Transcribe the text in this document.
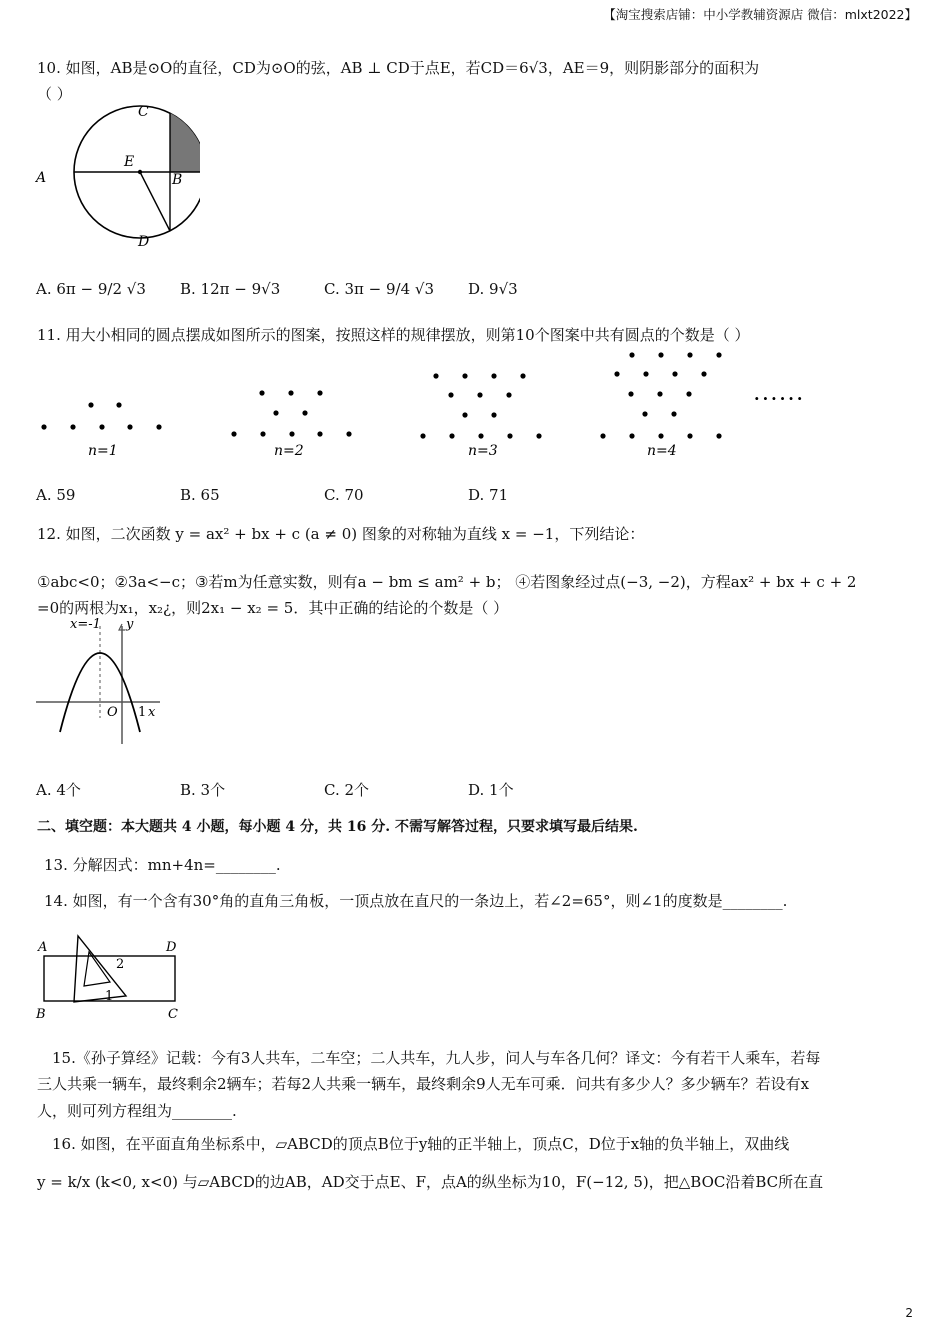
【淘宝搜索店铺：中小学教辅资源店 微信：mlxt2022】
10. 如图，AB是⊙O的直径，CD为⊙O的弦，AB ⊥ CD于点E，若CD＝6√3，AE＝9，则阴影部分的面积为
（ ）
A	B
C
D
E
A. 6π − 9/2 √3 B. 12π − 9√3	C. 3π − 9/4 √3 D. 9√3
11. 用大小相同的圆点摆成如图所示的图案，按照这样的规律摆放，则第10个图案中共有圆点的个数是（ ）
n=1	n=2	n=3	n=4
......
A. 59	B. 65	C. 70	D. 71
12. 如图，二次函数 y = ax² + bx + c (a ≠ 0) 图象的对称轴为直线 x = −1，下列结论：
①abc<0；②3a<−c；③若m为任意实数，则有a − bm ≤ am² + b； ④若图象经过点(−3, −2)，方程ax² + bx + c + 2
=0的两根为x₁，x₂¿，则2x₁ − x₂ = 5．其中正确的结论的个数是（ ）
x=-1 y
O 1 x
A. 4个	B. 3个	C. 2个	D. 1个
二、填空题：本大题共 4 小题，每小题 4 分，共 16 分. 不需写解答过程，只要求填写最后结果.
13. 分解因式：mn+4n=________.
14. 如图，有一个含有30°角的直角三角板，一顶点放在直尺的一条边上，若∠2=65°，则∠1的度数是________.
A	D
B	C
1
2
15.《孙子算经》记载：今有3人共车，二车空；二人共车，九人步，问人与车各几何？译文：今有若干人乘车，若每
三人共乘一辆车，最终剩余2辆车；若每2人共乘一辆车，最终剩余9人无车可乘．问共有多少人？多少辆车？若设有x
人，则可列方程组为________.
16. 如图，在平面直角坐标系中，▱ABCD的顶点B位于y轴的正半轴上，顶点C，D位于x轴的负半轴上，双曲线
y = k/x (k<0, x<0) 与▱ABCD的边AB，AD交于点E、F，点A的纵坐标为10，F(−12, 5)，把△BOC沿着BC所在直
2
